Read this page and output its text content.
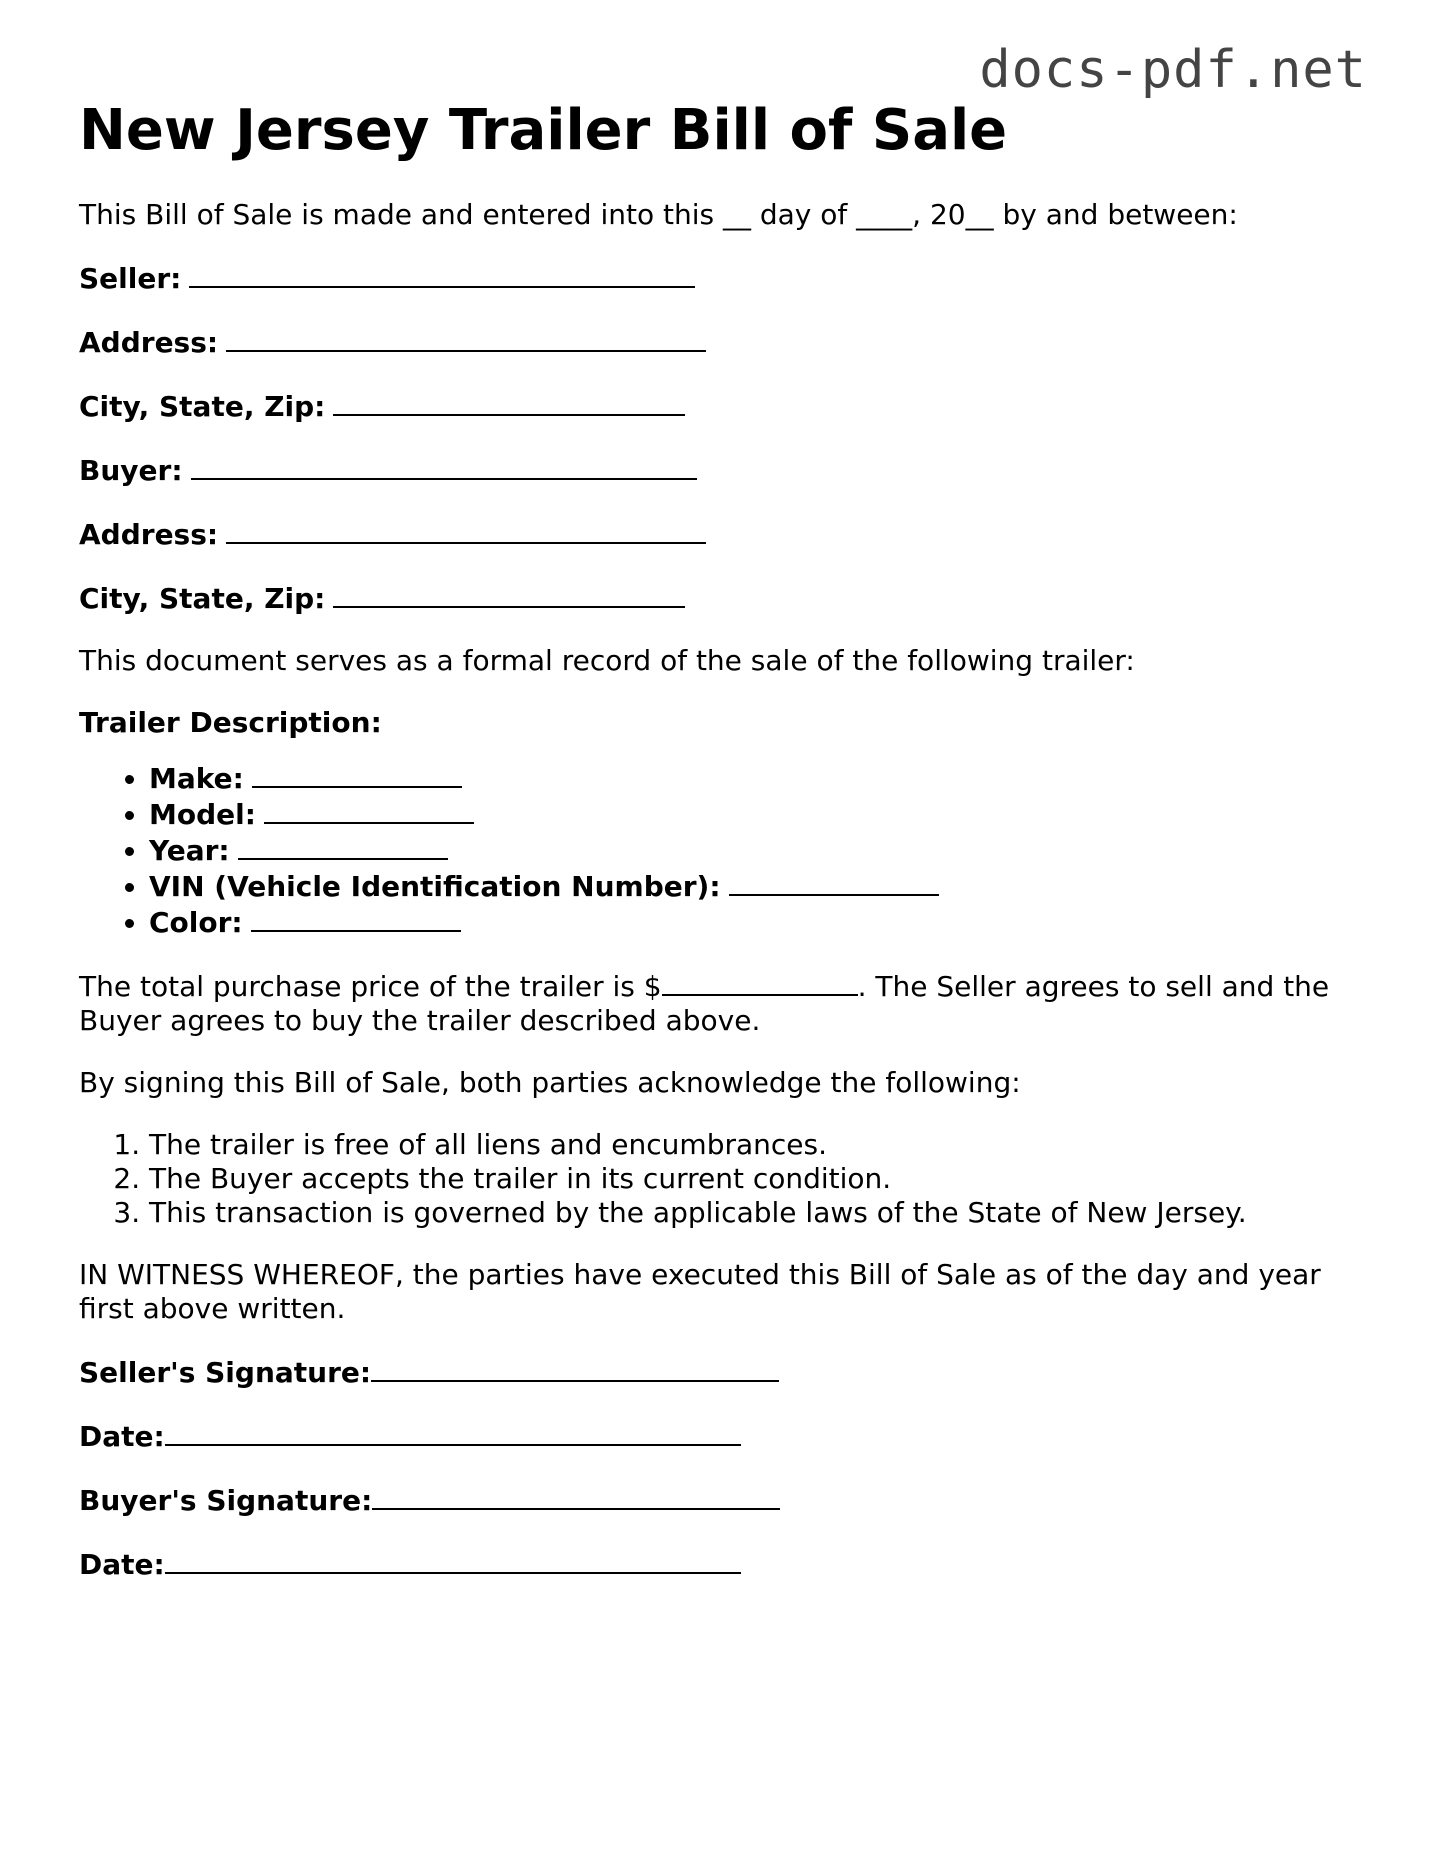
docs-pdf.net
New Jersey Trailer Bill of Sale

This Bill of Sale is made and entered into this __ day of ____, 20__ by and between:

Seller:
Address:
City, State, Zip:
Buyer:
Address:
City, State, Zip:

This document serves as a formal record of the sale of the following trailer:

Trailer Description:

• Make:
• Model:
• Year:
• VIN (Vehicle Identification Number):
• Color:

The total purchase price of the trailer is $	. The Seller agrees to sell and the Buyer agrees to buy the trailer described above.

By signing this Bill of Sale, both parties acknowledge the following:

1. The trailer is free of all liens and encumbrances.
2. The Buyer accepts the trailer in its current condition.
3. This transaction is governed by the applicable laws of the State of New Jersey.

IN WITNESS WHEREOF, the parties have executed this Bill of Sale as of the day and year first above written.

Seller's Signature:
Date:
Buyer's Signature:
Date:
